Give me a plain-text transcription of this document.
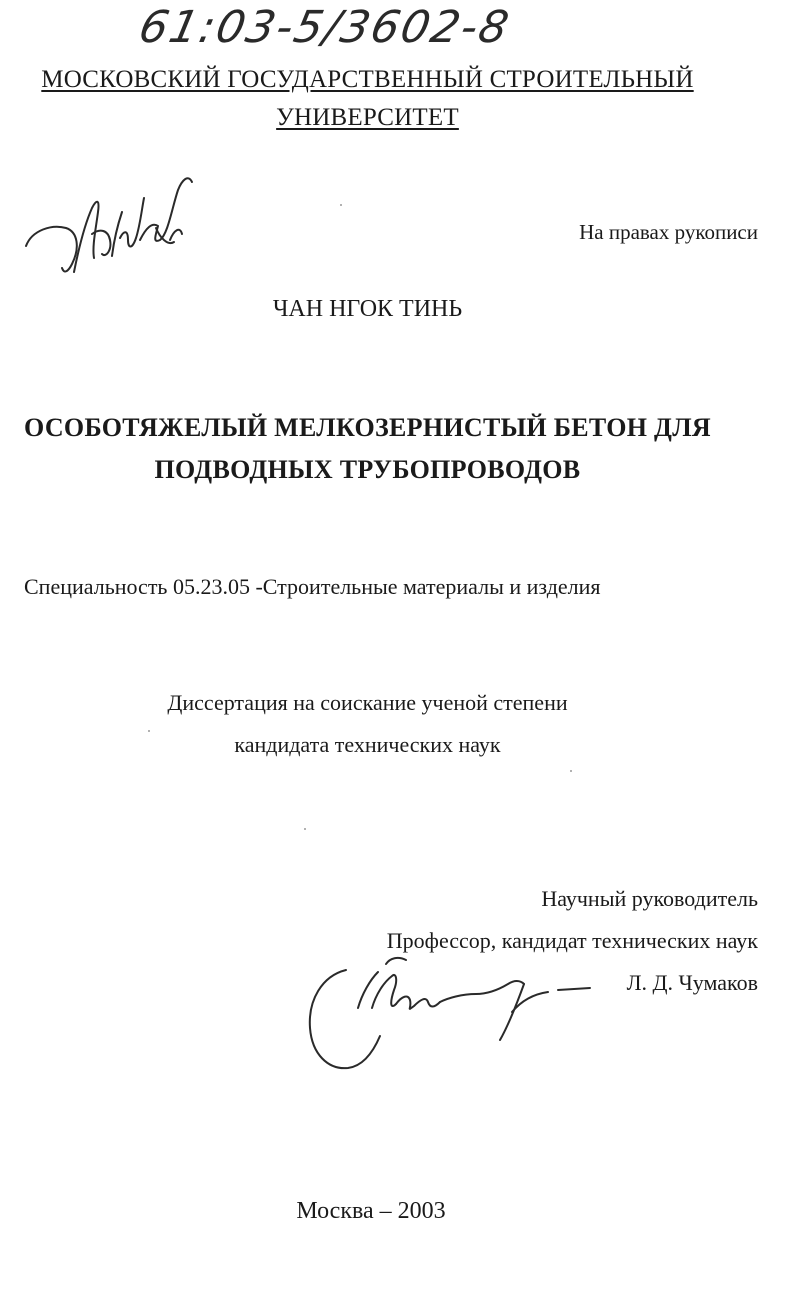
61:03-5/3602-8
МОСКОВСКИЙ ГОСУДАРСТВЕННЫЙ СТРОИТЕЛЬНЫЙ
УНИВЕРСИТЕТ
На правах рукописи
ЧАН НГОК ТИНЬ
ОСОБОТЯЖЕЛЫЙ МЕЛКОЗЕРНИСТЫЙ БЕТОН ДЛЯ
ПОДВОДНЫХ ТРУБОПРОВОДОВ
Специальность 05.23.05 -Строительные материалы и изделия
Диссертация на соискание ученой степени
кандидата технических наук
Научный руководитель
Профессор, кандидат технических наук
Л. Д. Чумаков
Москва – 2003
